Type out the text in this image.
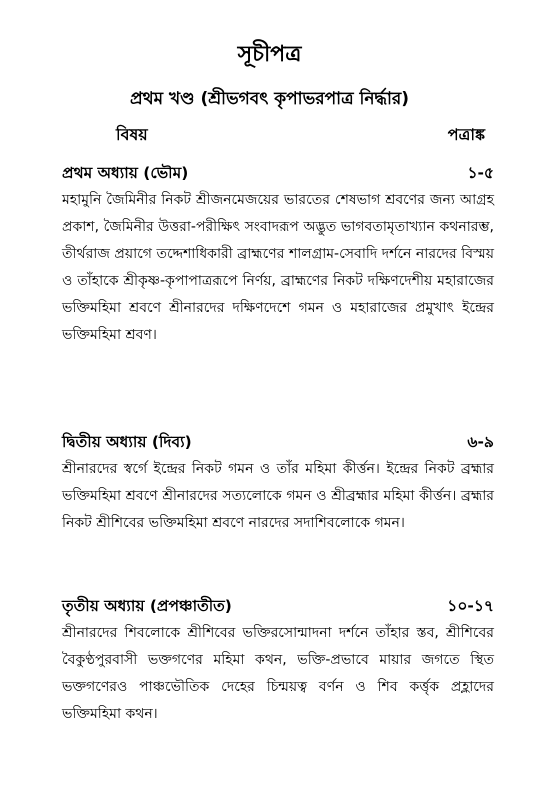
সূচীপত্র
প্রথম খণ্ড (শ্রীভগবৎ কৃপাভরপাত্র নির্দ্ধার)
বিষয়	পত্রাঙ্ক
প্রথম অধ্যায় (ভৌম)	১-৫
মহামুনি জৈমিনীর নিকট শ্রীজনমেজয়ের ভারতের শেষভাগ শ্রবণের জন্য আগ্রহ প্রকাশ, জৈমিনীর উত্তরা-পরীক্ষিৎ সংবাদরূপ অদ্ভুত ভাগবতামৃতাখ্যান কথনারম্ভ, তীর্থরাজ প্রয়াগে তদ্দেশাধিকারী ব্রাহ্মণের শালগ্রাম-সেবাদি দর্শনে নারদের বিস্ময় ও তাঁহাকে শ্রীকৃষ্ণ-কৃপাপাত্ররূপে নির্ণয়, ব্রাহ্মণের নিকট দক্ষিণদেশীয় মহারাজের ভক্তিমহিমা শ্রবণে শ্রীনারদের দক্ষিণদেশে গমন ও মহারাজের প্রমুখাৎ ইন্দ্রের ভক্তিমহিমা শ্রবণ।
দ্বিতীয় অধ্যায় (দিব্য)	৬-৯
শ্রীনারদের স্বর্গে ইন্দ্রের নিকট গমন ও তাঁর মহিমা কীর্ত্তন। ইন্দ্রের নিকট ব্রহ্মার ভক্তিমহিমা শ্রবণে শ্রীনারদের সত্যলোকে গমন ও শ্রীব্রহ্মার মহিমা কীর্ত্তন। ব্রহ্মার নিকট শ্রীশিবের ভক্তিমহিমা শ্রবণে নারদের সদাশিবলোকে গমন।
তৃতীয় অধ্যায় (প্রপঞ্চাতীত)	১০-১৭
শ্রীনারদের শিবলোকে শ্রীশিবের ভক্তিরসোন্মাদনা দর্শনে তাঁহার স্তব, শ্রীশিবের বৈকুণ্ঠপুরবাসী ভক্তগণের মহিমা কথন, ভক্তি-প্রভাবে মায়ার জগতে স্থিত ভক্তগণেরও পাঞ্চভৌতিক দেহের চিন্ময়ত্ব বর্ণন ও শিব কর্ত্তৃক প্রহ্লাদের ভক্তিমহিমা কথন।
